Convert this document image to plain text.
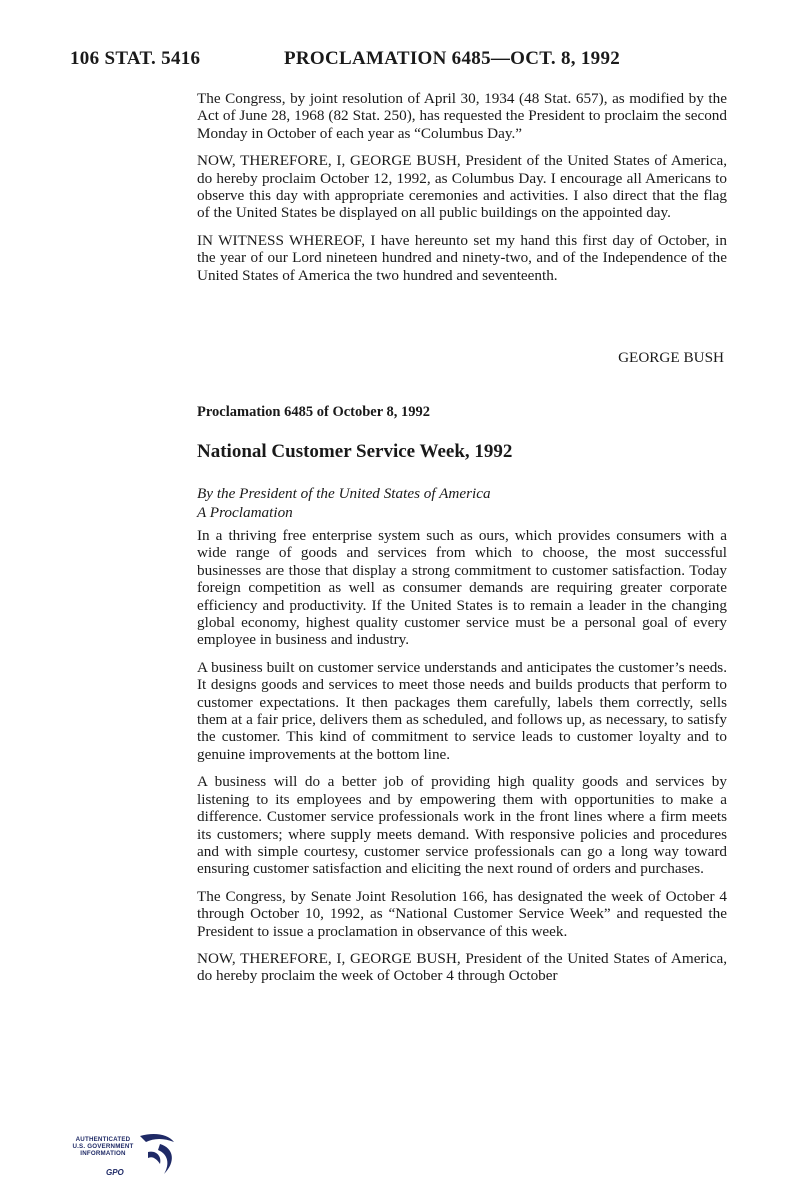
106 STAT. 5416	PROCLAMATION 6485—OCT. 8, 1992

The Congress, by joint resolution of April 30, 1934 (48 Stat. 657), as modified by the Act of June 28, 1968 (82 Stat. 250), has requested the President to proclaim the second Monday in October of each year as “Columbus Day.”

NOW, THEREFORE, I, GEORGE BUSH, President of the United States of America, do hereby proclaim October 12, 1992, as Columbus Day. I encourage all Americans to observe this day with appropriate ceremonies and activities. I also direct that the flag of the United States be displayed on all public buildings on the appointed day.

IN WITNESS WHEREOF, I have hereunto set my hand this first day of October, in the year of our Lord nineteen hundred and ninety-two, and of the Independence of the United States of America the two hundred and seventeenth.

GEORGE BUSH
Proclamation 6485 of October 8, 1992
National Customer Service Week, 1992
By the President of the United States of America
A Proclamation

In a thriving free enterprise system such as ours, which provides consumers with a wide range of goods and services from which to choose, the most successful businesses are those that display a strong commitment to customer satisfaction. Today foreign competition as well as consumer demands are requiring greater corporate efficiency and productivity. If the United States is to remain a leader in the changing global economy, highest quality customer service must be a personal goal of every employee in business and industry.

A business built on customer service understands and anticipates the customer’s needs. It designs goods and services to meet those needs and builds products that perform to customer expectations. It then packages them carefully, labels them correctly, sells them at a fair price, delivers them as scheduled, and follows up, as necessary, to satisfy the customer. This kind of commitment to service leads to customer loyalty and to genuine improvements at the bottom line.

A business will do a better job of providing high quality goods and services by listening to its employees and by empowering them with opportunities to make a difference. Customer service professionals work in the front lines where a firm meets its customers; where supply meets demand. With responsive policies and procedures and with simple courtesy, customer service professionals can go a long way toward ensuring customer satisfaction and eliciting the next round of orders and purchases.

The Congress, by Senate Joint Resolution 166, has designated the week of October 4 through October 10, 1992, as “National Customer Service Week” and requested the President to issue a proclamation in observance of this week.

NOW, THEREFORE, I, GEORGE BUSH, President of the United States of America, do hereby proclaim the week of October 4 through October

AUTHENTICATED
U.S. GOVERNMENT
INFORMATION
GPO
